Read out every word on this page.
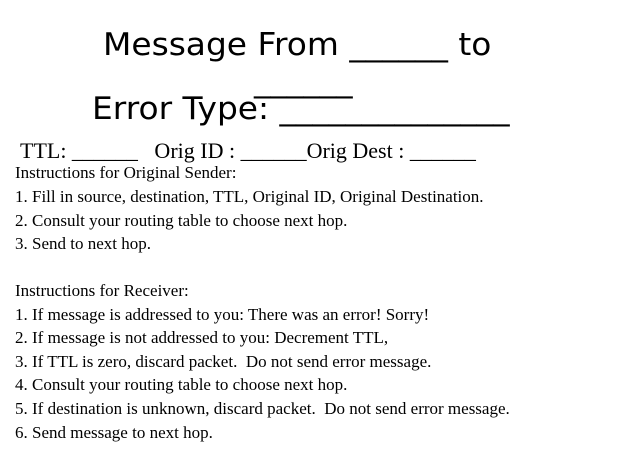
Message From ______ to
______
Error Type: ______________
TTL: ______   Orig ID : ______Orig Dest : ______
Instructions for Original Sender:
1. Fill in source, destination, TTL, Original ID, Original Destination.
2. Consult your routing table to choose next hop.
3. Send to next hop.
Instructions for Receiver:
1. If message is addressed to you: There was an error! Sorry!
2. If message is not addressed to you: Decrement TTL,
3. If TTL is zero, discard packet.  Do not send error message.
4. Consult your routing table to choose next hop.
5. If destination is unknown, discard packet.  Do not send error message.
6. Send message to next hop.
